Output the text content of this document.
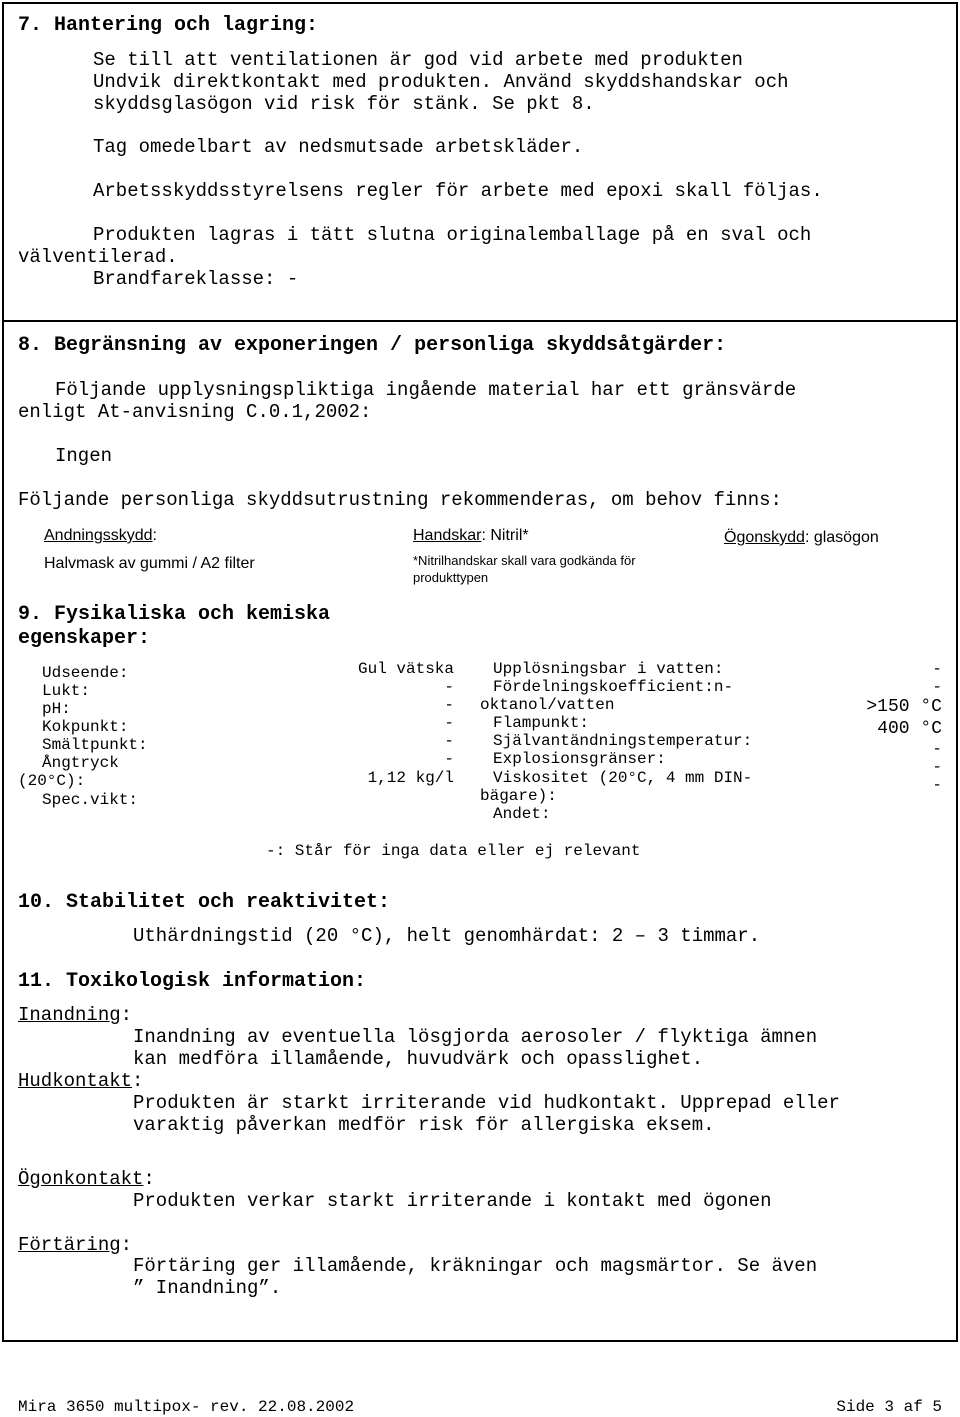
7. Hantering och lagring:
Se till att ventilationen är god vid arbete med produkten
Undvik direktkontakt med produkten. Använd skyddshandskar och
skyddsglasögon vid risk för stänk. Se pkt 8.
Tag omedelbart av nedsmutsade arbetskläder.
Arbetsskyddsstyrelsens regler för arbete med epoxi skall följas.
Produkten lagras i tätt slutna originalemballage på en sval och
välventilerad.
Brandfareklasse: -
8. Begränsning av exponeringen / personliga skyddsåtgärder:
Följande upplysningspliktiga ingående material har ett gränsvärde
enligt At-anvisning C.0.1,2002:
Ingen
Följande personliga skyddsutrustning rekommenderas, om behov finns:
Andningsskydd:
Halvmask av gummi / A2 filter
Handskar: Nitril*
*Nitrilhandskar skall vara godkända för
produkttypen
Ögonskydd: glasögon
9. Fysikaliska och kemiska
egenskaper:
Udseende:
Lukt:
pH:
Kokpunkt:
Smältpunkt:
Ångtryck
(20°C):
Spec.vikt:
Gul vätska
-
-
-
-
-
1,12 kg/l
Upplösningsbar i vatten:
Fördelningskoefficient:n-
oktanol/vatten
Flampunkt:
Självantändningstemperatur:
Explosionsgränser:
Viskositet (20°C, 4 mm DIN-
bägare):
Andet:
-
-
>150 °C
400 °C
-
-
-
-: Står för inga data eller ej relevant
10. Stabilitet och reaktivitet:
Uthärdningstid (20 °C), helt genomhärdat: 2 – 3 timmar.
11. Toxikologisk information:
Inandning:
Inandning av eventuella lösgjorda aerosoler / flyktiga ämnen
kan medföra illamående, huvudvärk och opasslighet.
Hudkontakt:
Produkten är starkt irriterande vid hudkontakt. Upprepad eller
varaktig påverkan medför risk för allergiska eksem.
Ögonkontakt:
Produkten verkar starkt irriterande i kontakt med ögonen
Förtäring:
Förtäring ger illamående, kräkningar och magsmärtor. Se även
” Inandning”.
Mira 3650 multipox- rev. 22.08.2002	Side 3 af 5
